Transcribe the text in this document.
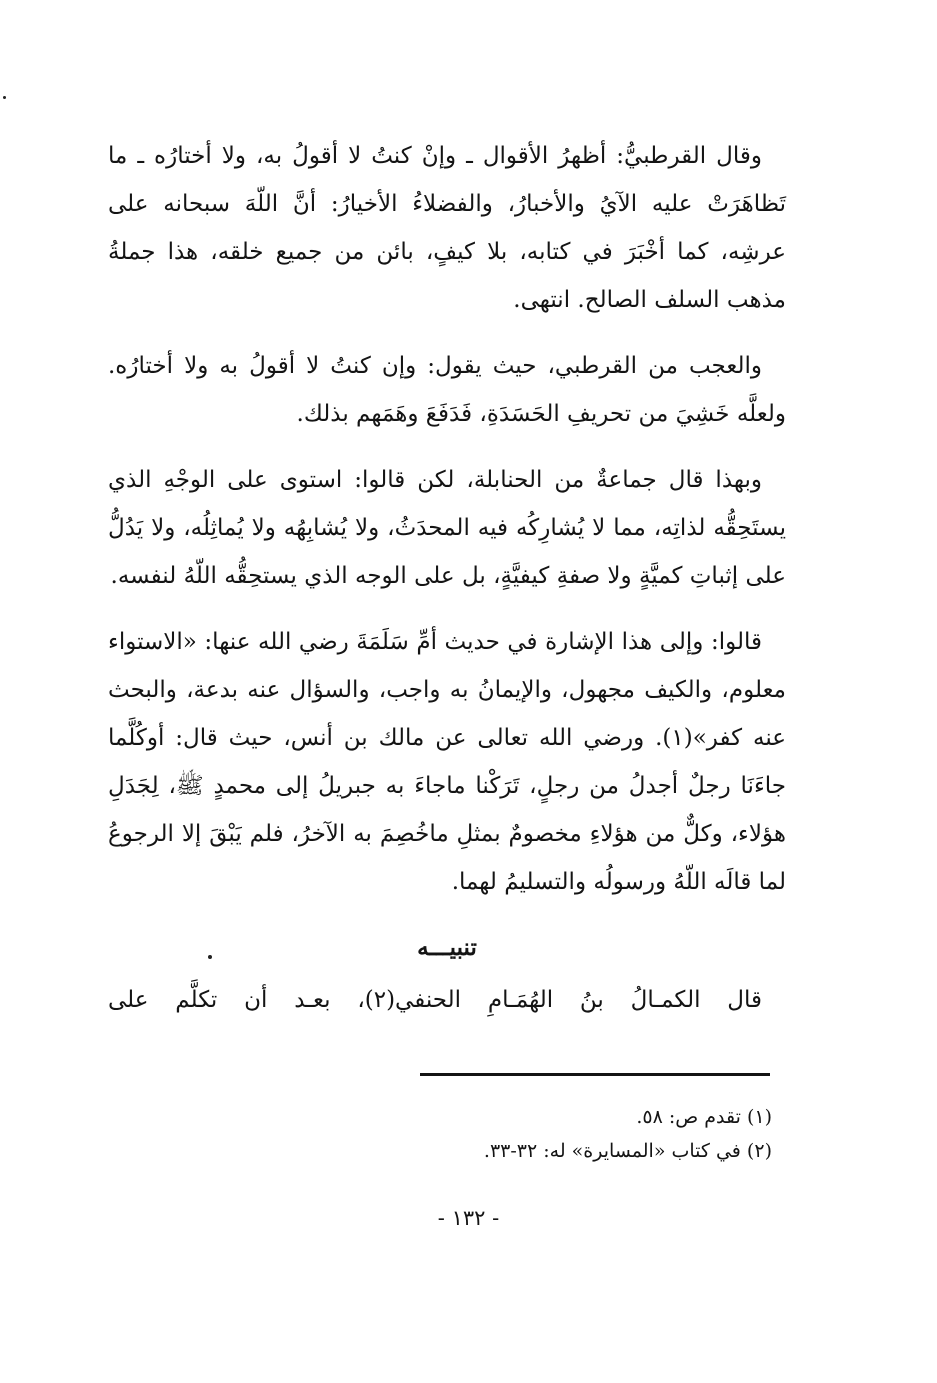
وقال القرطبيُّ: أظهرُ الأقوال ـ وإنْ كنتُ لا أقولُ به، ولا أختارُه ـ ما تَظاهَرَتْ عليه الآيُ والأخبارُ، والفضلاءُ الأخيارُ: أنَّ اللّهَ سبحانه على عرشِه، كما أخْبَرَ في كتابه، بلا كيفٍ، بائن من جميع خلقه، هذا جملةُ مذهب السلف الصالح. انتهى.

والعجب من القرطبي، حيث يقول: وإن كنتُ لا أقولُ به ولا أختارُه. ولعلَّه خَشِيَ من تحريفِ الحَسَدَةِ، فَدَفَعَ وهَمَهم بذلك.

وبهذا قال جماعةٌ من الحنابلة، لكن قالوا: استوى على الوجْهِ الذي يستَحِقُّه لذاتِه، مما لا يُشارِكُه فيه المحدَثُ، ولا يُشابِهُه ولا يُماثِلُه، ولا يَدُلُّ على إثباتِ كميَّةٍ ولا صفةِ كيفيَّةٍ، بل على الوجه الذي يستحِقُّه اللّهُ لنفسه.

قالوا: وإلى هذا الإشارة في حديث أمِّ سَلَمَةَ رضي الله عنها: «الاستواء معلوم، والكيف مجهول، والإيمانُ به واجب، والسؤال عنه بدعة، والبحث عنه كفر»(١). ورضي الله تعالى عن مالك بن أنس، حيث قال: أوكُلَّما جاءَنَا رجلٌ أجدلُ من رجلٍ، تَرَكْنا ماجاءَ به جبريلُ إلى محمدٍ ﷺ، لِجَدَلِ هؤلاء، وكلٌّ من هؤلاءِ مخصومٌ بمثلِ ماخُصِمَ به الآخرُ، فلم يَبْقَ إلا الرجوعُ لما قالَه اللّهُ ورسولُه والتسليمُ لهما.

تنبيـــه

قال الكمـالُ بنُ الهُمَـامِ الحنفي(٢)، بعـد أن تكلَّم على

(١) تقدم ص: ٥٨.

(٢) في كتاب «المسايرة» له: ٣٢-٣٣.

- ١٣٢ -
